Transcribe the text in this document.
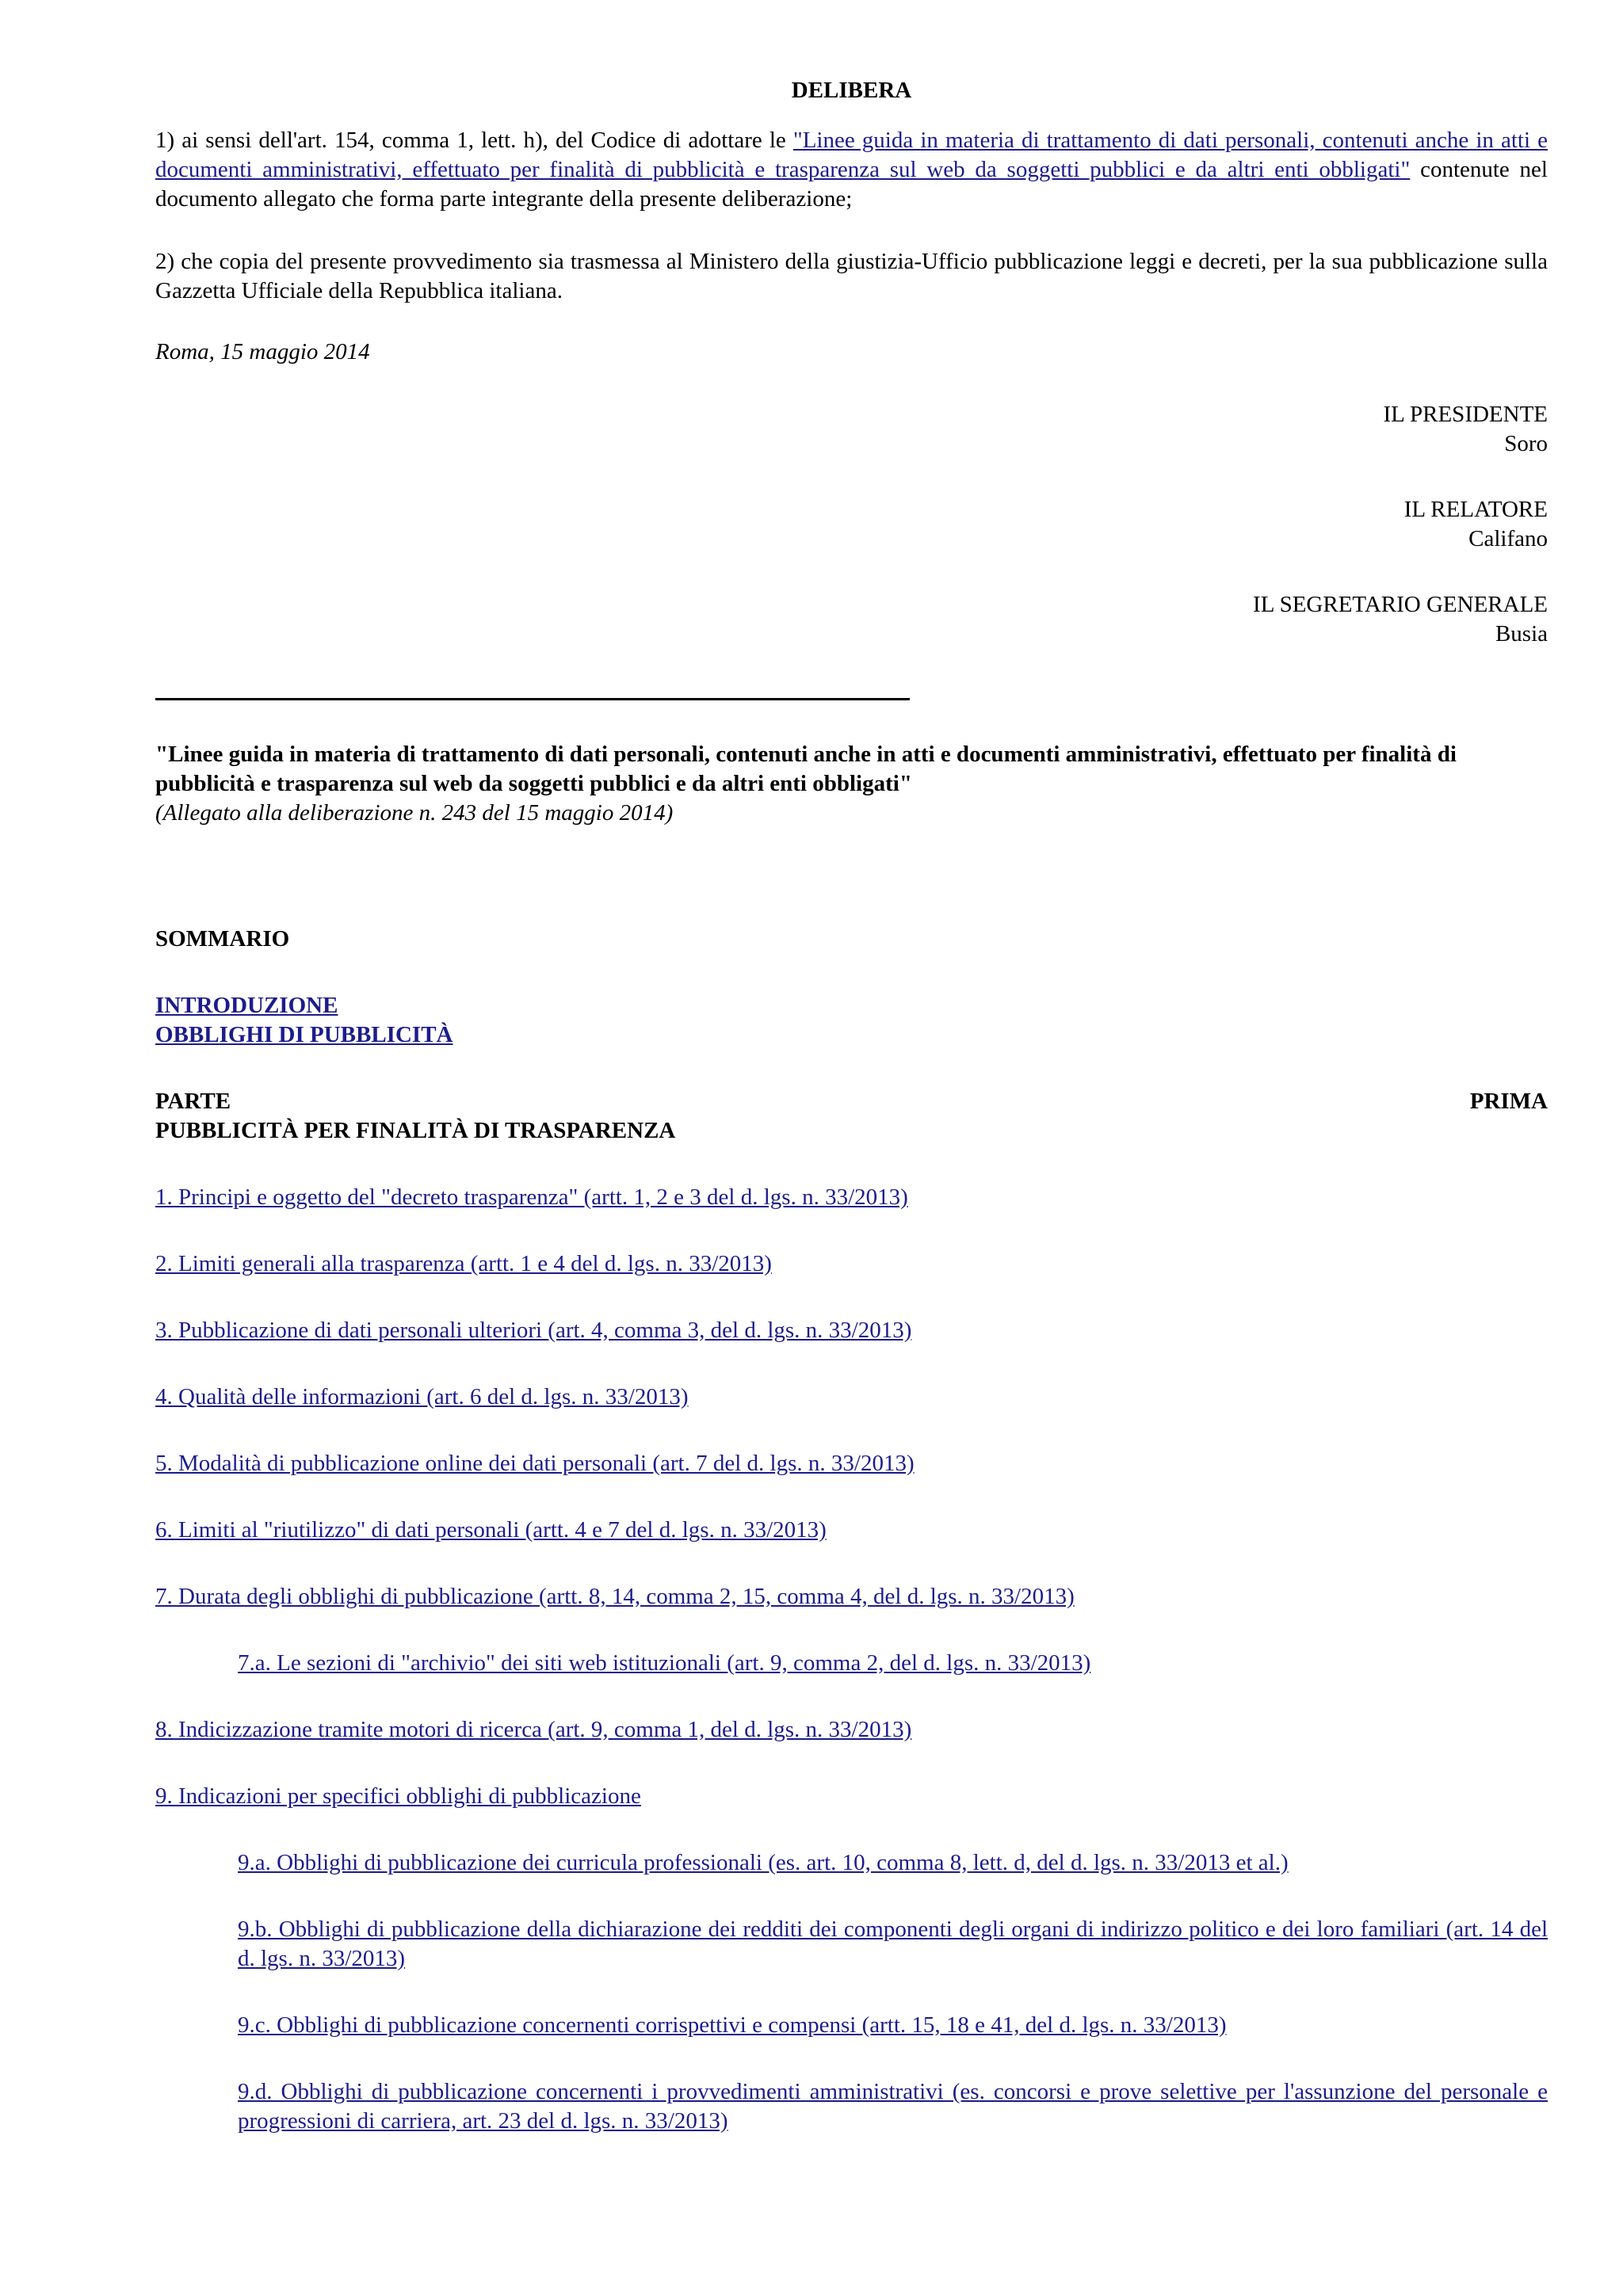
DELIBERA

1) ai sensi dell'art. 154, comma 1, lett. h), del Codice di adottare le "Linee guida in materia di trattamento di dati personali, contenuti anche in atti e documenti amministrativi, effettuato per finalità di pubblicità e trasparenza sul web da soggetti pubblici e da altri enti obbligati" contenute nel documento allegato che forma parte integrante della presente deliberazione;

2) che copia del presente provvedimento sia trasmessa al Ministero della giustizia-Ufficio pubblicazione leggi e decreti, per la sua pubblicazione sulla Gazzetta Ufficiale della Repubblica italiana.

Roma, 15 maggio 2014
IL PRESIDENTE
Soro
IL RELATORE
Califano
IL SEGRETARIO GENERALE
Busia
"Linee guida in materia di trattamento di dati personali, contenuti anche in atti e documenti amministrativi, effettuato per finalità di pubblicità e trasparenza sul web da soggetti pubblici e da altri enti obbligati"
(Allegato alla deliberazione n. 243 del 15 maggio 2014)
SOMMARIO
INTRODUZIONE
OBBLIGHI DI PUBBLICITÀ
PARTE	PRIMA
PUBBLICITÀ PER FINALITÀ DI TRASPARENZA
1. Principi e oggetto del "decreto trasparenza" (artt. 1, 2 e 3 del d. lgs. n. 33/2013)
2. Limiti generali alla trasparenza (artt. 1 e 4 del d. lgs. n. 33/2013)
3. Pubblicazione di dati personali ulteriori (art. 4, comma 3, del d. lgs. n. 33/2013)
4. Qualità delle informazioni (art. 6 del d. lgs. n. 33/2013)
5. Modalità di pubblicazione online dei dati personali (art. 7 del d. lgs. n. 33/2013)
6. Limiti al "riutilizzo" di dati personali (artt. 4 e 7 del d. lgs. n. 33/2013)
7. Durata degli obblighi di pubblicazione (artt. 8, 14, comma 2, 15, comma 4, del d. lgs. n. 33/2013)
7.a. Le sezioni di "archivio" dei siti web istituzionali (art. 9, comma 2, del d. lgs. n. 33/2013)
8. Indicizzazione tramite motori di ricerca (art. 9, comma 1, del d. lgs. n. 33/2013)
9. Indicazioni per specifici obblighi di pubblicazione
9.a. Obblighi di pubblicazione dei curricula professionali (es. art. 10, comma 8, lett. d, del d. lgs. n. 33/2013 et al.)
9.b. Obblighi di pubblicazione della dichiarazione dei redditi dei componenti degli organi di indirizzo politico e dei loro familiari (art. 14 del d. lgs. n. 33/2013)
9.c. Obblighi di pubblicazione concernenti corrispettivi e compensi (artt. 15, 18 e 41, del d. lgs. n. 33/2013)
9.d. Obblighi di pubblicazione concernenti i provvedimenti amministrativi (es. concorsi e prove selettive per l'assunzione del personale e progressioni di carriera, art. 23 del d. lgs. n. 33/2013)
